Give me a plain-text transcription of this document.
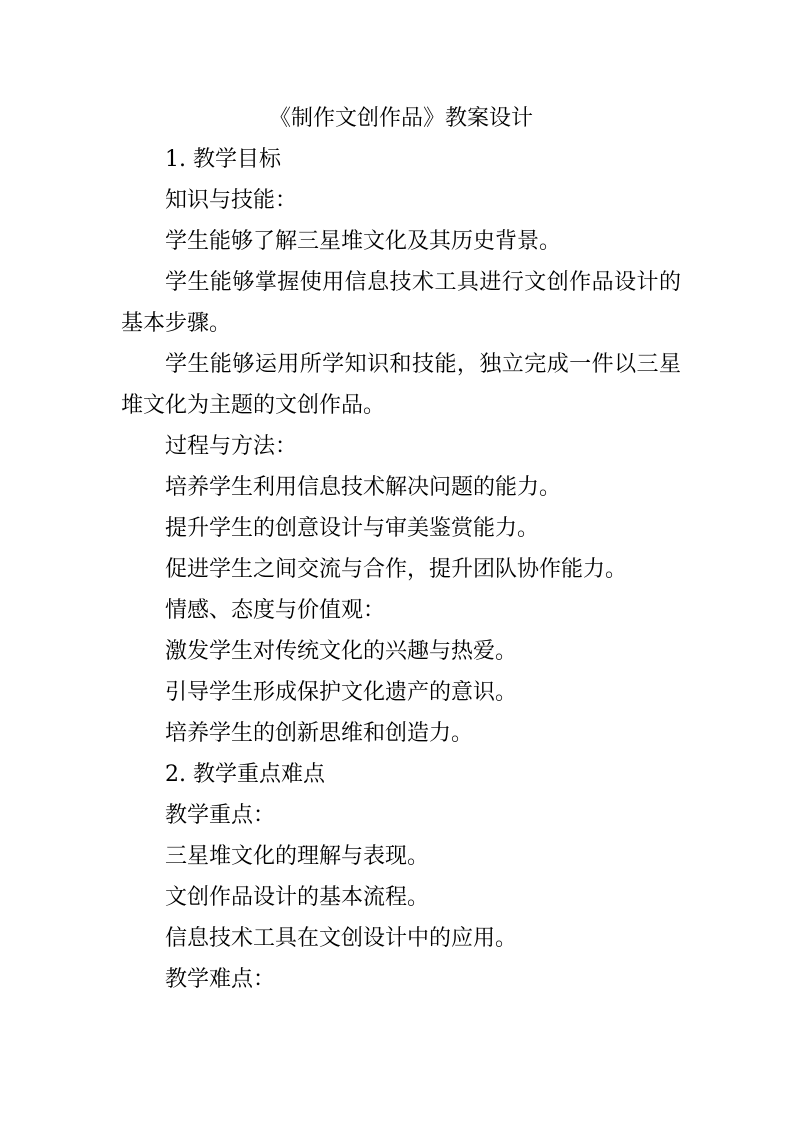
《制作文创作品》教案设计

1. 教学目标

知识与技能：

学生能够了解三星堆文化及其历史背景。

学生能够掌握使用信息技术工具进行文创作品设计的基本步骤。

学生能够运用所学知识和技能，独立完成一件以三星堆文化为主题的文创作品。

过程与方法：

培养学生利用信息技术解决问题的能力。

提升学生的创意设计与审美鉴赏能力。

促进学生之间交流与合作，提升团队协作能力。

情感、态度与价值观：

激发学生对传统文化的兴趣与热爱。

引导学生形成保护文化遗产的意识。

培养学生的创新思维和创造力。

2. 教学重点难点

教学重点：

三星堆文化的理解与表现。

文创作品设计的基本流程。

信息技术工具在文创设计中的应用。

教学难点：
